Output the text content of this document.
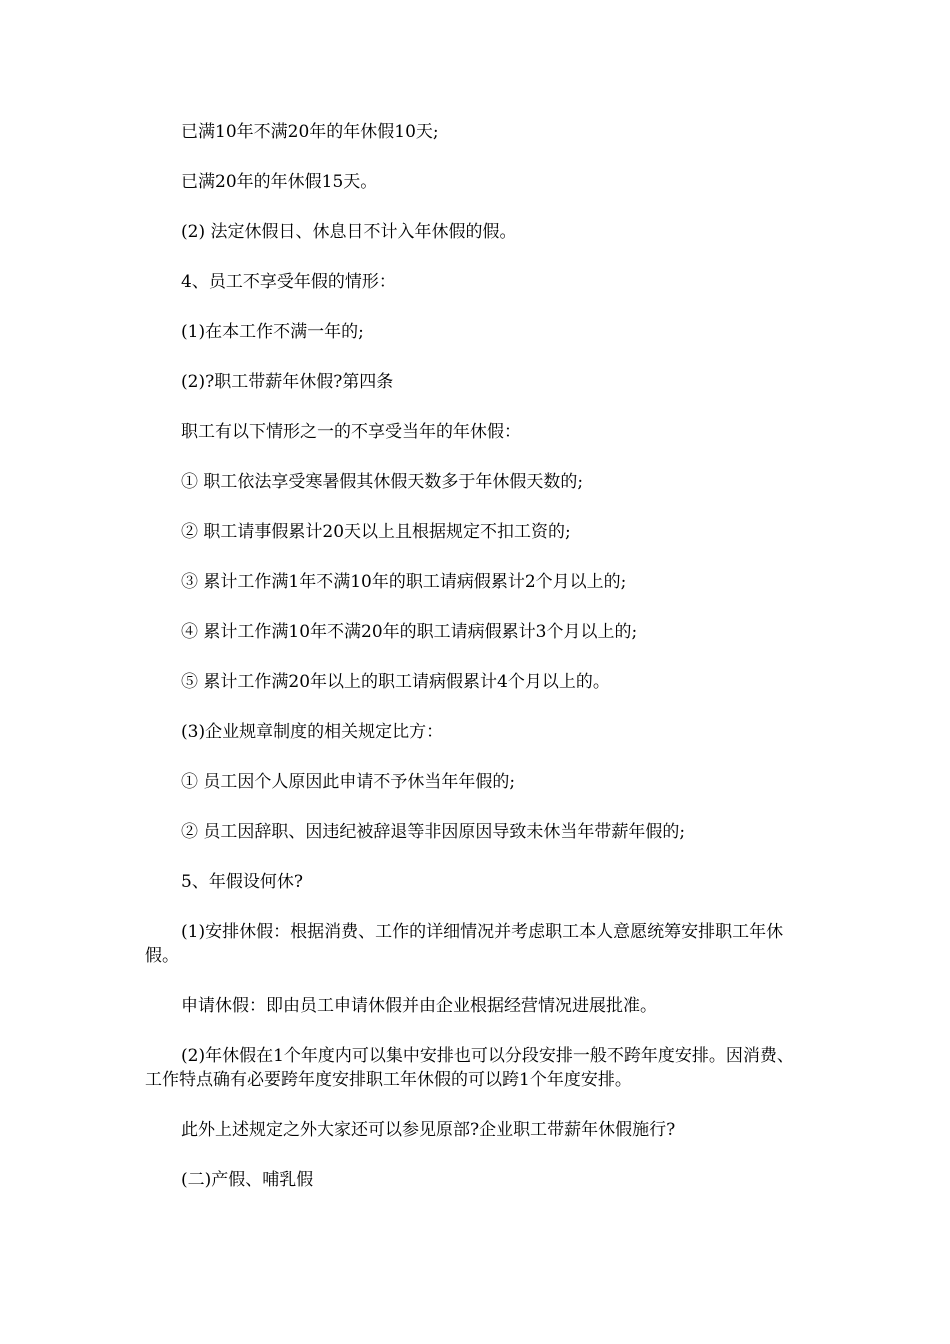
已满10年不满20年的年休假10天;

已满20年的年休假15天。

(2) 法定休假日、休息日不计入年休假的假。

4、员工不享受年假的情形：

(1)在本工作不满一年的;

(2)?职工带薪年休假?第四条

职工有以下情形之一的不享受当年的年休假：

① 职工依法享受寒暑假其休假天数多于年休假天数的;

② 职工请事假累计20天以上且根据规定不扣工资的;

③ 累计工作满1年不满10年的职工请病假累计2个月以上的;

④ 累计工作满10年不满20年的职工请病假累计3个月以上的;

⑤ 累计工作满20年以上的职工请病假累计4个月以上的。

(3)企业规章制度的相关规定比方：

① 员工因个人原因此申请不予休当年年假的;

② 员工因辞职、因违纪被辞退等非因原因导致未休当年带薪年假的;

5、年假设何休?

(1)安排休假：根据消费、工作的详细情况并考虑职工本人意愿统筹安排职工年休假。

申请休假：即由员工申请休假并由企业根据经营情况进展批准。

(2)年休假在1个年度内可以集中安排也可以分段安排一般不跨年度安排。因消费、工作特点确有必要跨年度安排职工年休假的可以跨1个年度安排。

此外上述规定之外大家还可以参见原部?企业职工带薪年休假施行?

(二)产假、哺乳假
